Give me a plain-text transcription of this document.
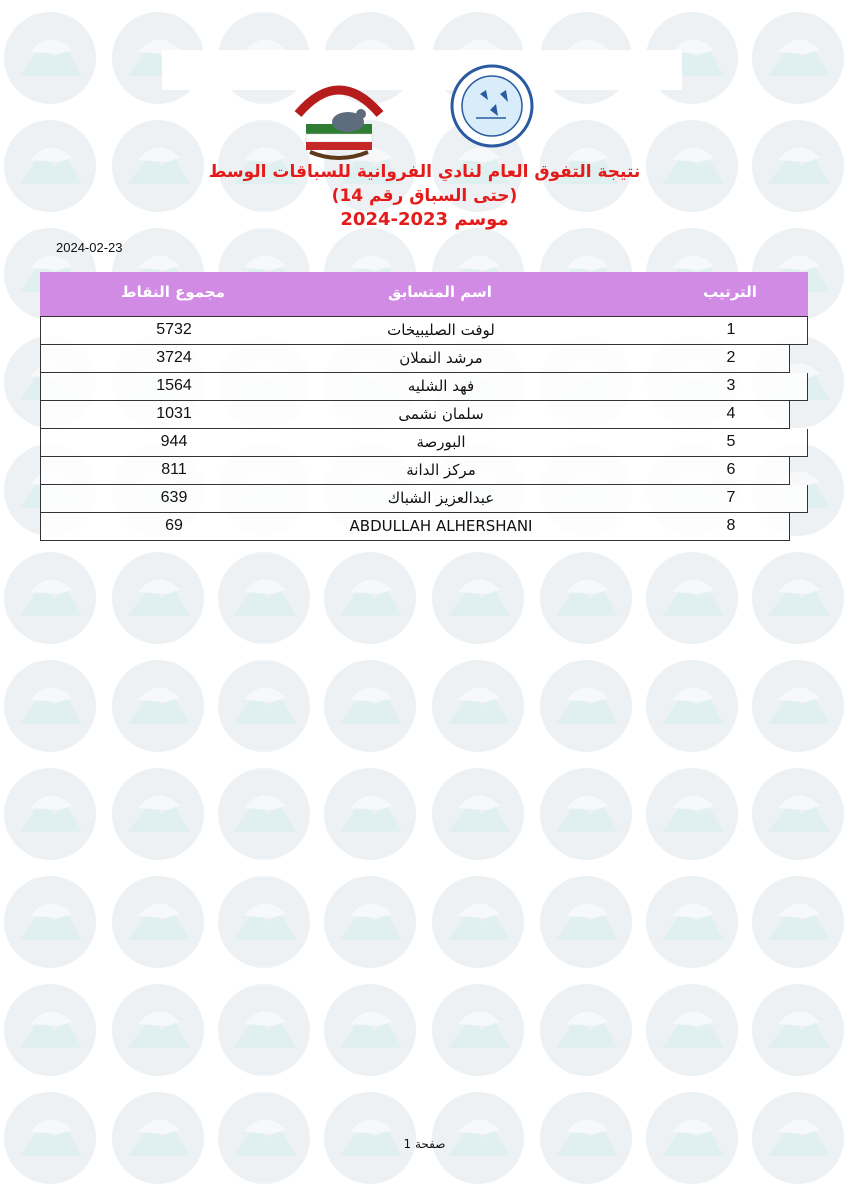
نتيجة التفوق العام لنادي الفروانية للسباقات الوسط
(حتى السباق رقم 14)
موسم 2023-2024
2024-02-23
مجموع النقاط	اسم المتسابق	الترتيب
5732	لوفت الصليبيخات	1
3724	مرشد النملان	2
1564	فهد الشليه	3
1031	سلمان نشمى	4
944	البورصة	5
811	مركز الدانة	6
639	عبدالعزيز الشباك	7
69	ABDULLAH ALHERSHANI	8
صفحة 1
